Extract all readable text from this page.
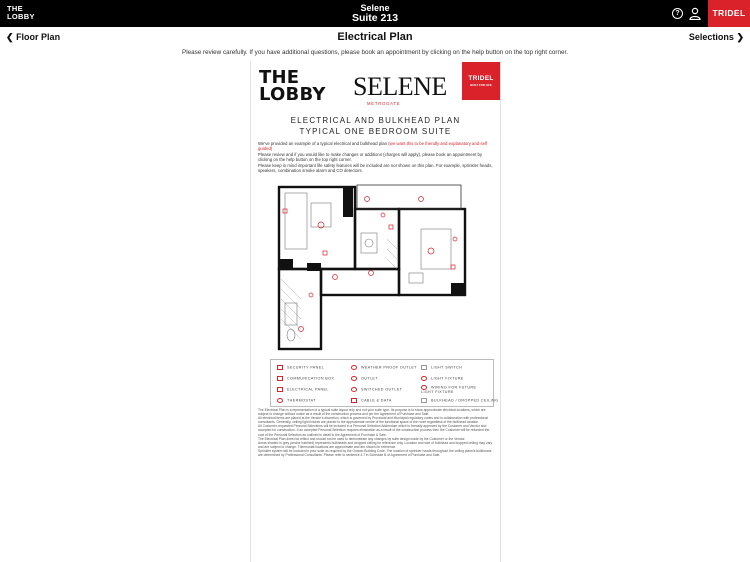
THE
LOBBY
Selene
Suite 213	?	TRIDEL
❮ Floor Plan	Electrical Plan	Selections ❯
Please review carefully. If you have additional questions, please book an appointment by clicking on the help button on the top right corner.
THE
LOBBY SELENE
METROGATE
TRIDEL
BUILT FOR LIFE
ELECTRICAL AND BULKHEAD PLAN
TYPICAL ONE BEDROOM SUITE

We've provided an example of a typical electrical and bulkhead plan (we want this to be friendly and explanatory and self guided)

Please review and if you would like to make changes or additions (charges will apply), please book an appointment by clicking on the help button on the top right corner.

Please keep in mind important life safety features will be included are not shown on this plan. For example, sprinkler heads, speakers, combination smoke alarm and CO detectors.

SECURITY PANEL	WEATHER PROOF OUTLET	LIGHT SWITCH
COMMUNICATION BOX	OUTLET	LIGHT FIXTURE
ELECTRICAL PANEL	SWITCHED OUTLET	WIRING FOR FUTURE LIGHT FIXTURE
THERMOSTAT	CABLE & DATA	BULKHEAD / DROPPED CEILING

The Electrical Plan is a representation of a typical suite layout only and not your suite type. Its purpose is to show approximate electrical locations, which are subject to change without notice as a result of the construction process and per the Agreement of Purchase and Sale.

All electrical items are placed at the Vendor's discretion, which is governed by Provincial and Municipal regulatory codes and in collaboration with professional consultants. Generally, ceiling light fixtures are placed to the approximate centre of the functional space of the room regardless of the bulkhead location.

All Customer-requested Personal Selections will be included in a Personal Selection Addendum which is formally approved by the Customer and Vendor and accepted for construction. If an accepted Personal Selection requires elimination as a result of the construction process then the Customer will be refunded the cost of the Personal Selection as outlined in detail in the Agreement of Purchase & Sale.

The Electrical Plan does not reflect and should not be used to demonstrate any changes by suite design made by the Customer or the Vendor.

Areas shaded in grey (and/or hatched) represents bulkheads and dropped ceiling for reference only. Location and size of bulkhead and dropped ceiling may vary and are subject to change. Thermostat locations are approximate and are shown for reference.

Sprinkler system will be included in your suite as required by the Ontario Building Code. The location of sprinkler heads throughout the ceiling plane/s bulkheads are determined by Professional Consultants. Please refer to sentence 4.7 in Schedule B of Agreement of Purchase and Sale.
